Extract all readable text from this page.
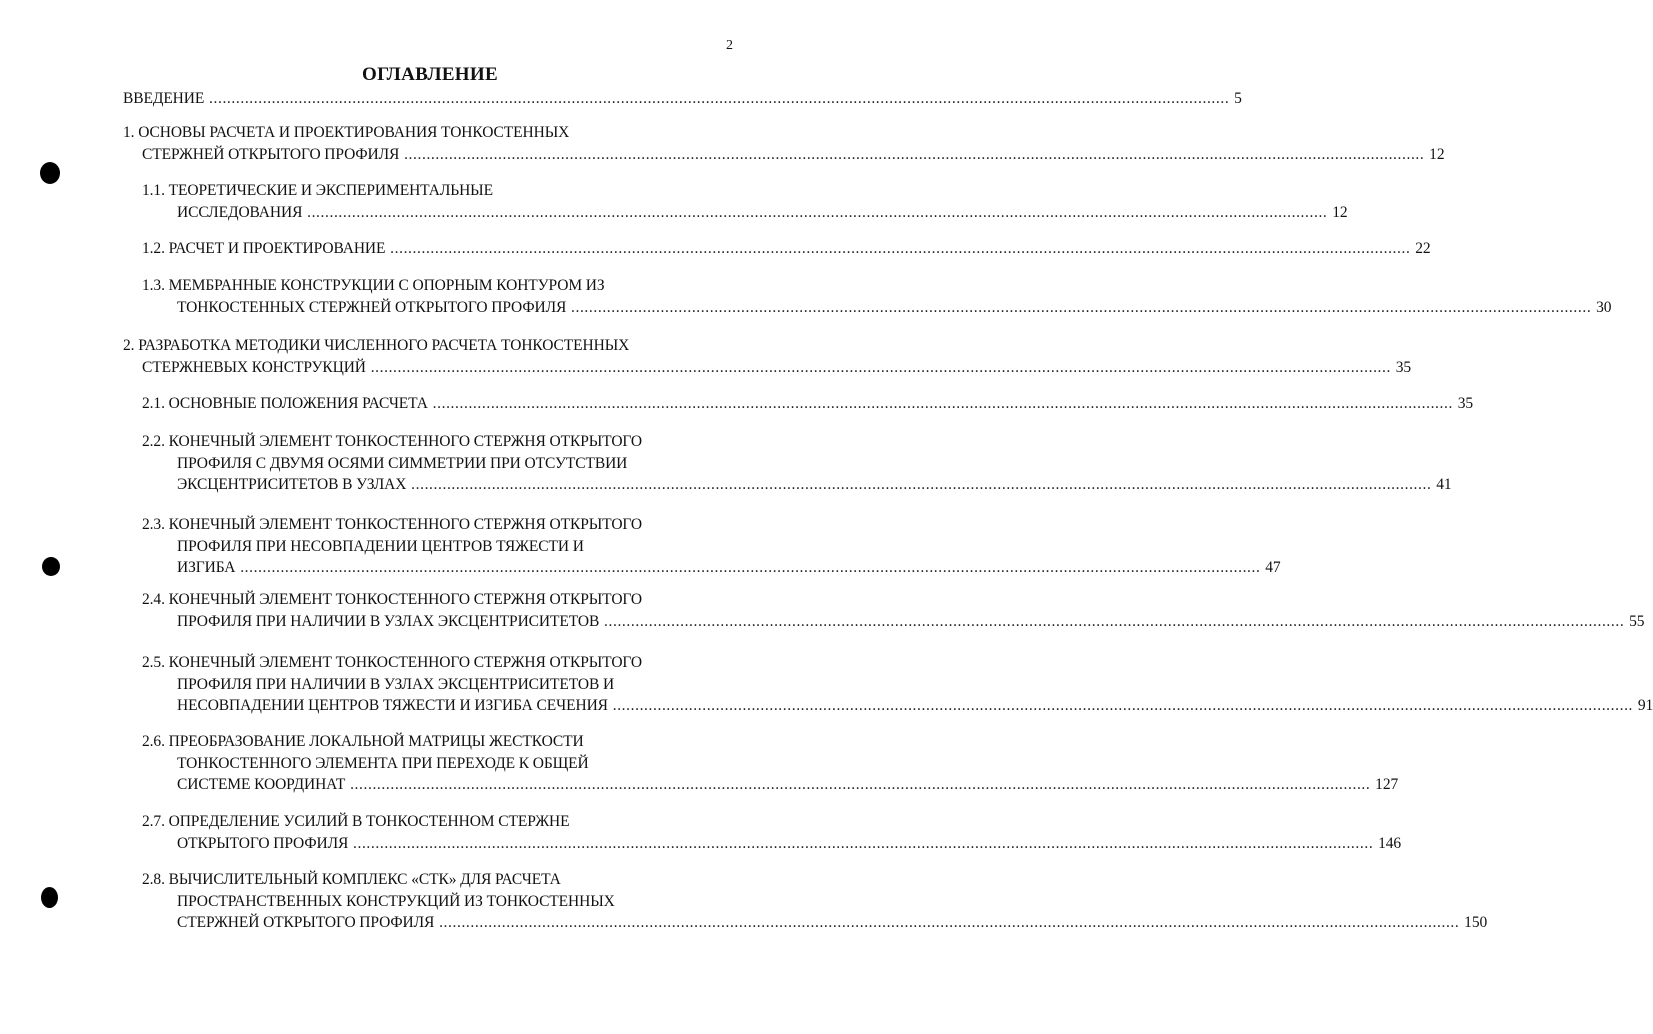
2
ОГЛАВЛЕНИЕ
ВВЕДЕНИЕ .....	5
1. ОСНОВЫ РАСЧЕТА И ПРОЕКТИРОВАНИЯ ТОНКОСТЕННЫХ
СТЕРЖНЕЙ ОТКРЫТОГО ПРОФИЛЯ .....	12
1.1. ТЕОРЕТИЧЕСКИЕ И ЭКСПЕРИМЕНТАЛЬНЫЕ
ИССЛЕДОВАНИЯ .....	12
1.2. РАСЧЕТ И ПРОЕКТИРОВАНИЕ .....	22
1.3. МЕМБРАННЫЕ КОНСТРУКЦИИ С ОПОРНЫМ КОНТУРОМ ИЗ
ТОНКОСТЕННЫХ СТЕРЖНЕЙ ОТКРЫТОГО ПРОФИЛЯ .....	30
2. РАЗРАБОТКА МЕТОДИКИ ЧИСЛЕННОГО РАСЧЕТА ТОНКОСТЕННЫХ
СТЕРЖНЕВЫХ КОНСТРУКЦИЙ .....	35
2.1. ОСНОВНЫЕ ПОЛОЖЕНИЯ РАСЧЕТА .....	35
2.2. КОНЕЧНЫЙ ЭЛЕМЕНТ ТОНКОСТЕННОГО СТЕРЖНЯ ОТКРЫТОГО
ПРОФИЛЯ С ДВУМЯ ОСЯМИ СИММЕТРИИ ПРИ ОТСУТСТВИИ
ЭКСЦЕНТРИСИТЕТОВ В УЗЛАХ .....	41
2.3. КОНЕЧНЫЙ ЭЛЕМЕНТ ТОНКОСТЕННОГО СТЕРЖНЯ ОТКРЫТОГО
ПРОФИЛЯ ПРИ НЕСОВПАДЕНИИ ЦЕНТРОВ ТЯЖЕСТИ И
ИЗГИБА .....	47
2.4. КОНЕЧНЫЙ ЭЛЕМЕНТ ТОНКОСТЕННОГО СТЕРЖНЯ ОТКРЫТОГО
ПРОФИЛЯ ПРИ НАЛИЧИИ В УЗЛАХ ЭКСЦЕНТРИСИТЕТОВ .....	55
2.5. КОНЕЧНЫЙ ЭЛЕМЕНТ ТОНКОСТЕННОГО СТЕРЖНЯ ОТКРЫТОГО
ПРОФИЛЯ ПРИ НАЛИЧИИ В УЗЛАХ ЭКСЦЕНТРИСИТЕТОВ И
НЕСОВПАДЕНИИ ЦЕНТРОВ ТЯЖЕСТИ И ИЗГИБА СЕЧЕНИЯ .....	91
2.6. ПРЕОБРАЗОВАНИЕ ЛОКАЛЬНОЙ МАТРИЦЫ ЖЕСТКОСТИ
ТОНКОСТЕННОГО ЭЛЕМЕНТА ПРИ ПЕРЕХОДЕ К ОБЩЕЙ
СИСТЕМЕ КООРДИНАТ .....	127
2.7. ОПРЕДЕЛЕНИЕ УСИЛИЙ В ТОНКОСТЕННОМ СТЕРЖНЕ
ОТКРЫТОГО ПРОФИЛЯ .....	146
2.8. ВЫЧИСЛИТЕЛЬНЫЙ КОМПЛЕКС «СТК» ДЛЯ РАСЧЕТА
ПРОСТРАНСТВЕННЫХ КОНСТРУКЦИЙ ИЗ ТОНКОСТЕННЫХ
СТЕРЖНЕЙ ОТКРЫТОГО ПРОФИЛЯ .....	150
